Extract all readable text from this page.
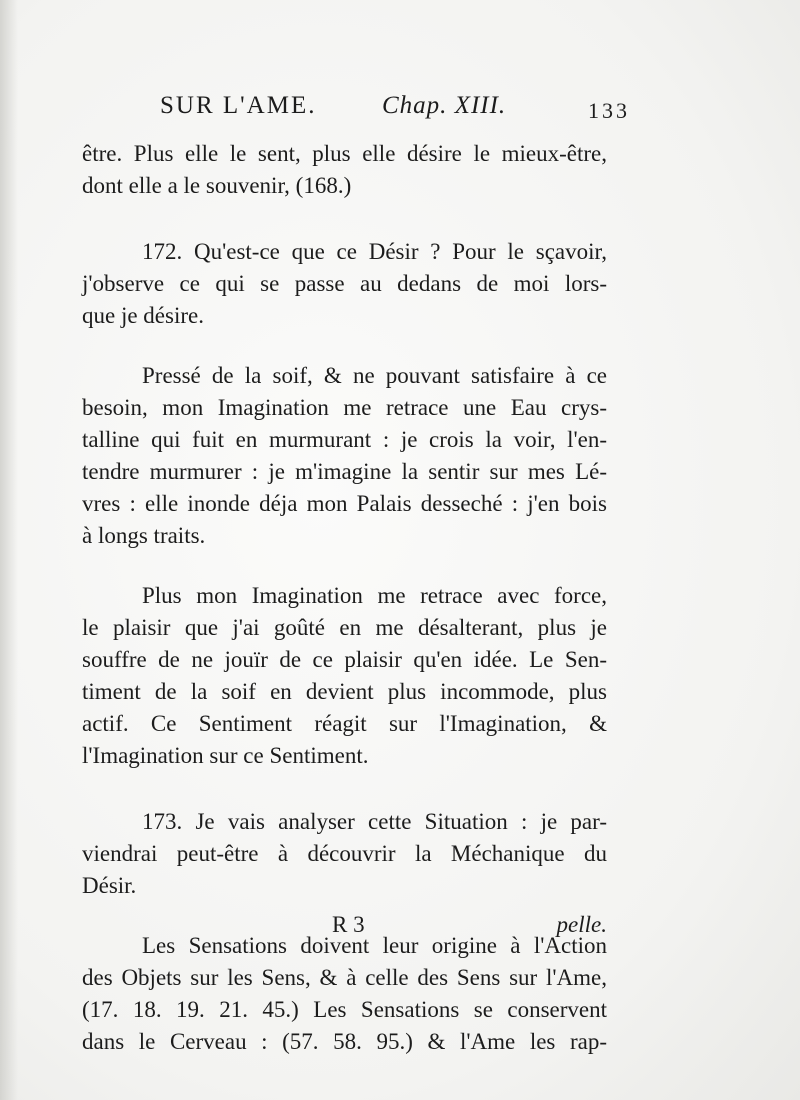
SUR L'AME.	Chap. XIII.	133

être. Plus elle le sent, plus elle désire le mieux-être,
dont elle a le souvenir, (168.)

172. Qu'est-ce que ce Désir ? Pour le sçavoir,
j'observe ce qui se passe au dedans de moi lors-
que je désire.

Pressé de la soif, & ne pouvant satisfaire à ce
besoin, mon Imagination me retrace une Eau crys-
talline qui fuit en murmurant : je crois la voir, l'en-
tendre murmurer : je m'imagine la sentir sur mes Lé-
vres : elle inonde déja mon Palais desseché : j'en bois
à longs traits.

Plus mon Imagination me retrace avec force,
le plaisir que j'ai goûté en me désalterant, plus je
souffre de ne jouïr de ce plaisir qu'en idée. Le Sen-
timent de la soif en devient plus incommode, plus
actif. Ce Sentiment réagit sur l'Imagination, &
l'Imagination sur ce Sentiment.

173. Je vais analyser cette Situation : je par-
viendrai peut-être à découvrir la Méchanique du
Désir.

Les Sensations doivent leur origine à l'Action
des Objets sur les Sens, & à celle des Sens sur l'Ame,
(17. 18. 19. 21. 45.) Les Sensations se conservent
dans le Cerveau : (57. 58. 95.) & l'Ame les rap-

R 3	pelle.
